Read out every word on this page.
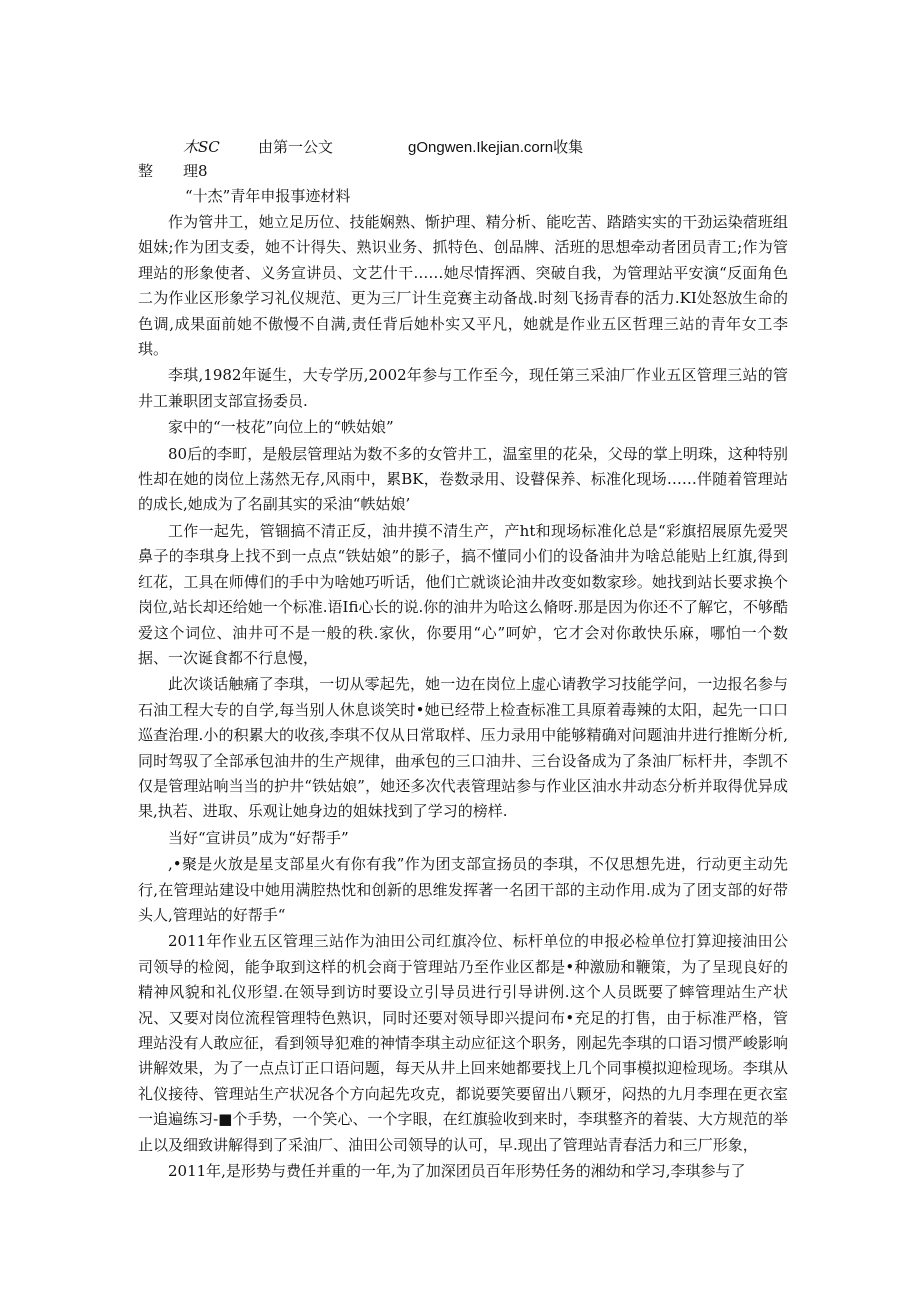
木SC	由第一公文	gOngwen.Ikejian.corn收集
整　　理8
“十杰”青年申报事迹材料

作为管井工，她立足历位、技能娴熟、惭护理、精分析、能吃苦、踏踏实实的干劲运染蓿班组姐妹;作为团支委，她不计得失、熟识业务、抓特色、创品牌、活班的思想牵动者团员青工;作为管理站的形象使者、义务宣讲员、文艺什干……她尽情挥洒、突破自我，为管理站平安演“反面角色二为作业区形象学习礼仪规范、更为三厂计生竞赛主动备战.时刻飞扬青春的活力.KI处怒放生命的色调,成果面前她不傲慢不自满,责任背后她朴实又平凡，她就是作业五区哲理三站的青年女工李琪。

李琪,1982年诞生，大专学历,2002年参与工作至今，现任第三采油厂作业五区管理三站的管井工兼职团支部宣扬委员.

家中的“一枝花”向位上的“帙姑娘”

80后的李町，是般层管理站为数不多的女管井工，温室里的花朵，父母的掌上明珠，这种特别性却在她的岗位上荡然无存,风雨中，累BK，卷数录用、设瞽保养、标准化现场……伴随着管理站的成长,她成为了名副其实的采油“帙姑娘’

工作一起先，管锢搞不清正反，油井摸不清生产，产ht和现场标准化总是“彩旗招展原先爱哭鼻子的李琪身上找不到一点点“铁姑娘”的影子，搞不懂同小们的设备油井为啥总能贴上红旗,得到红花，工具在师傅们的手中为啥她巧听话，他们亡就谈论油井改变如数家珍。她找到站长要求换个岗位,站长却还给她一个标准.语Ifi心长的说.你的油井为哈这么脩呀.那是因为你还不了解它，不够酷爱这个词位、油井可不是一般的秩.家伙，你要用“心”呵妒，它才会对你敢快乐麻，哪怕一个数据、一次诞食都不行息慢，

此次谈话触痛了李琪，一切从零起先，她一边在岗位上虚心请教学习技能学问，一边报名参与石油工程大专的自学,每当别人休息谈笑时•她已经带上检查标准工具原着毒辣的太阳，起先一口口巡查治理.小的积累大的收孩,李琪不仅从日常取样、压力录用中能够精确对问题油井进行推断分析,同时驾驭了全部承包油井的生产规律，曲承包的三口油井、三台设备成为了条油厂标杆井，李凯不仅是管理站响当当的护井“铁姑娘”，她还多次代表管理站参与作业区油水井动态分析并取得优异成果,执若、进取、乐观让她身边的姐妹找到了学习的榜样.

当好“宣讲员”成为“好帮手”

,•聚是火放是星支部星火有你有我”作为团支部宣扬员的李琪，不仅思想先进，行动更主动先行,在管理站建设中她用满腔热忱和创新的思维发挥著一名团干部的主动作用.成为了团支部的好带头人,管理站的好帮手“

2011年作业五区管理三站作为油田公司红旗冷位、标杆单位的申报必检单位打算迎接油田公司领导的检阅，能争取到这样的机会商于管理站乃至作业区都是•种激励和鞭策，为了呈现良好的精神风貌和礼仪形望.在领导到访时要设立引导员进行引导讲例.这个人员既要了蟀管理站生产状况、又要对岗位流程管理特色熟识，同时还要对领导即兴提问布•充足的打售，由于标准严格，管理站没有人敢应征，看到领导犯难的神情李琪主动应征这个职务，刚起先李琪的口语习惯严峻影响讲解效果，为了一点点订正口语问题，每天从井上回来她都要找上几个同事模拟迎检现场。李琪从礼仪接待、管理站生产状况各个方向起先攻克，都说要笑要留出八颗牙，闷热的九月李理在更衣室一追遍练习-■个手势，一个笑心、一个字眼，在红旗验收到来时，李琪整齐的着装、大方规范的举止以及细致讲解得到了采油厂、油田公司领导的认可，早.现出了管理站青春活力和三厂形象，

2011年,是形势与费任并重的一年,为了加深团员百年形势任务的湘幼和学习,李琪参与了
